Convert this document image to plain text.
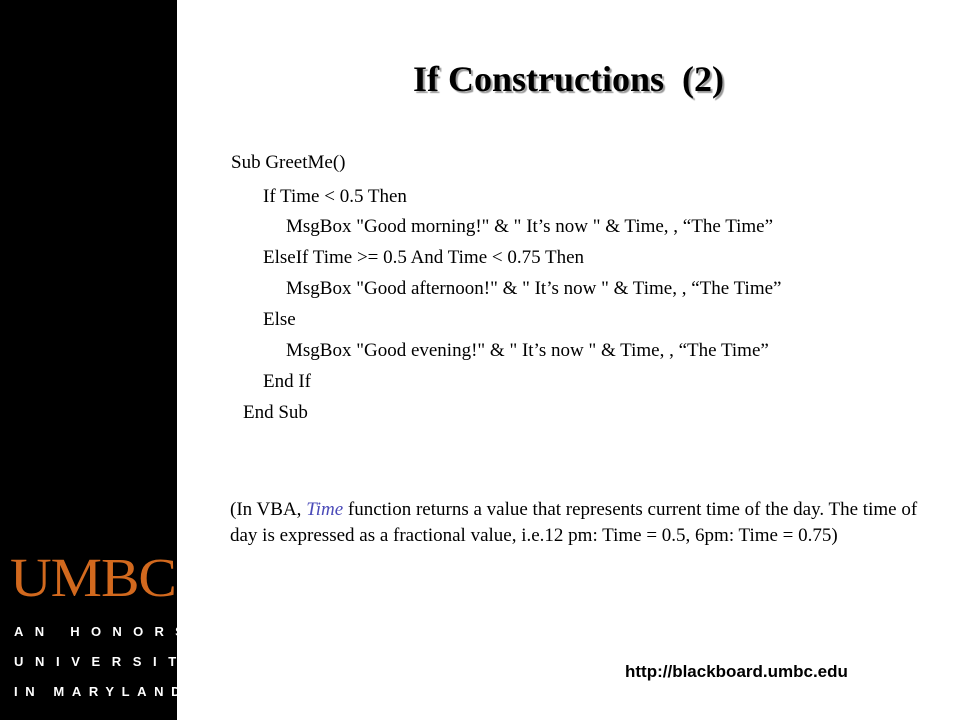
UMBC
AN HONORS
UNIVERSITY
IN MARYLAND
If Constructions  (2)
Sub GreetMe()
If Time < 0.5 Then
MsgBox "Good morning!" & " It’s now " & Time, , “The Time”
ElseIf Time >= 0.5 And Time < 0.75 Then
MsgBox "Good afternoon!" & " It’s now " & Time, , “The Time”
Else
MsgBox "Good evening!" & " It’s now " & Time, , “The Time”
End If
End Sub
(In VBA, Time function returns a value that represents current time of the day. The time of day is expressed as a fractional value, i.e.12 pm: Time = 0.5, 6pm: Time = 0.75)
http://blackboard.umbc.edu
